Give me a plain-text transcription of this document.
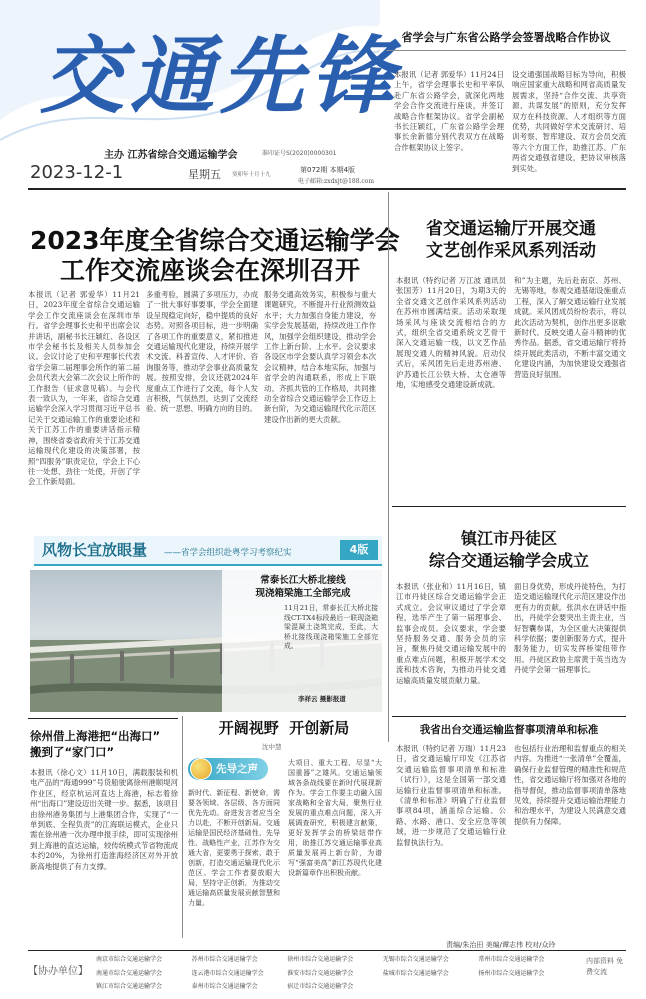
交通先锋
主办 江苏省综合交通运输学会	准印证号S(2020)0000301
2023-12-1	星期五 癸卯年十月十九
第072期 本期4版
电子邮箱:zxdxjt@188.com
省学会与广东省公路学会签署战略合作协议
本报讯（记者 郭爱华）11月24日上午，省学会理事长史和平率队赴广东省公路学会，就深化两地学会合作交流进行座谈，并签订战略合作框架协议。省学会副秘书长汪颖红，广东省公路学会理事长余新德分别代表双方在战略合作框架协议上签字。
设交通强国战略目标为导向，积极响应国家重大战略和网省高质量发展需求，坚持“合作交流、共享资源、共谋发展”的原则，充分发挥双方在科技资源、人才组织等方面优势，共同做好学术交流研讨、培训考察、智库建设、双方会员交流等六个方面工作，助推江苏、广东两省交通强省建设，把协议审核落到实处。
2023年度全省综合交通运输学会
工作交流座谈会在深圳召开
本报讯（记者 郭爱华）11月21日，2023年度全省综合交通运输学会工作交流座谈会在深圳市举行。省学会理事长史和平出席会议并讲话，副秘书长汪颖红、各设区市学会秘书长及相关人员参加会议。会议讨论了史和平理事长代表省学会第二届理事会所作的第二届会员代表大会第二次会议上所作的工作报告（征求意见稿）。与会代表一致认为，一年来，省综合交通运输学会深入学习贯彻习近平总书记关于交通运输工作的重要论述和关于江苏工作的重要讲话指示精神，围绕省委省政府关于江苏交通运输现代化建设的决策部署，按照“四服务”职责定位，学会上下心往一处想、劲往一处使，开创了学会工作新局面。
多重考验，圆满了多项压力，办成了一批大事好事要事，学会全面建设呈现稳定向好，稳中提质的良好态势。对照各项目标，进一步明确了各项工作的重要意义，紧扣推进交通运输现代化建设，持续开展学术交流、科普宣传、人才评价、咨询服务等，推动学会事业高质量发展。按照安排，会议还就2024年度重点工作进行了交流，每个人发言积极，气氛热烈，达到了交流经验、统一思想、明确方向的目的。
服务交通高效务实，积极参与重大课题研究，不断提升行业预测效益水平；大力加强自身能力建设，夯实学会发展基础，持续改进工作作风，加强学会组织建设，推动学会工作上新台阶、上水平。会议要求各设区市学会要认真学习领会本次会议精神，结合本地实际，加强与省学会的沟通联系，形成上下联动、齐抓共管的工作格局，共同推动全省综合交通运输学会工作迈上新台阶，为交通运输现代化示范区建设作出新的更大贡献。
省交通运输厅开展交通
文艺创作采风系列活动
本报讯（特约记者 万江波 通讯员 张国芳）11月20日，为期3天的全省交通文艺创作采风系列活动在苏州市圆满结束。活动采取现场采风与座谈交流相结合的方式，组织全省交通系统文艺骨干深入交通运输一线，以文艺作品展现交通人的精神风貌。启动仪式后，采风团先后走进苏州港、沪苏通长江公铁大桥、太仓港等地，实地感受交通建设新成就。
和”为主题，先后赴南京、苏州、无锡等地，参观交通基础设施重点工程，深入了解交通运输行业发展成就。采风团成员纷纷表示，将以此次活动为契机，创作出更多讴歌新时代、反映交通人奋斗精神的优秀作品。据悉，省交通运输厅将持续开展此类活动，不断丰富交通文化建设内涵，为加快建设交通强省营造良好氛围。
风物长宜放眼量 ——省学会组织赴粤学习考察纪实	4版
常泰长江大桥北接线
现浇箱梁施工全部完成
11月21日，常泰长江大桥北接线CT-TX4标段最后一联现浇箱梁混凝土浇筑完成，至此，大桥北接线现浇箱梁施工全部完成。
李祥云 摄影报道
徐州借上海港把“出海口”
搬到了“家门口”
本报讯（徐心文）11月10日，满载服装和机电产品的“海通999”号货船驶离徐州港顺堤河作业区，经京杭运河直达上海港，标志着徐州“出海口”建设迈出关键一步。据悉，该项目由徐州港务集团与上港集团合作，实现了“一单到底、全程负责”的江海联运模式，企业只需在徐州港一次办理申报手续，即可实现徐州到上海港的直达运输，较传统模式节省物流成本约20%，为徐州打造淮海经济区对外开放新高地提供了有力支撑。
开阔视野  开创新局
沈中慧
先导之声
新时代、新征程、新使命，需要各领域、各层级、各方面同优先先动。奋进发言者应当全力以赴，不断开创新局。交通运输是国民经济基础性、先导性、战略性产业，江苏作为交通大省，更要勇于探索、敢于创新，打造交通运输现代化示范区。学会工作者要放眼大局，坚持守正创新，为推动交通运输高质量发展贡献智慧和力量。
大项目、重大工程、尽显“大国重器”之雄风。交通运输领域各条战线要在新时代展现新作为。学会工作要主动融入国家战略和全省大局，聚焦行业发展的重点难点问题，深入开展调查研究，积极建言献策，更好发挥学会的桥梁纽带作用，助推江苏交通运输事业高质量发展再上新台阶，为谱写“强富美高”新江苏现代化建设新篇章作出积极贡献。
镇江市丹徒区
综合交通运输学会成立
本报讯（张业和）11月16日，镇江市丹徒区综合交通运输学会正式成立。会议审议通过了学会章程，选举产生了第一届理事会、监事会成员。会议要求，学会要坚持服务交通、服务会员的宗旨，聚焦丹徒交通运输发展中的重点难点问题，积极开展学术交流和技术咨询，为推动丹徒交通运输高质量发展贡献力量。
面日身优势，形成丹徒特色，为打造交通运输现代化示范区建设作出更有力的贡献。张洪水在讲话中指出，丹徒学会要突出主责主业，当好智囊参谋，为全区重大决策提供科学依据；要创新服务方式，提升服务能力，切实发挥桥梁纽带作用。丹徒区政协主席黄于英当选为丹徒学会第一届理事长。
我省出台交通运输监督事项清单和标准
本报讯（特约记者 万瑞）11月23日，省交通运输厅印发《江苏省交通运输监督事项清单和标准（试行）》，这是全国第一部交通运输行业监督事项清单和标准。《清单和标准》明确了行业监督事项84项，涵盖综合运输、公路、水路、港口、安全应急等领域，进一步规范了交通运输行业监督执法行为。
也包括行业治理和监督重点的相关内容。为推进“一张清单”全覆盖，确保行业监督管理的精准性和规范性，省交通运输厅将加强对各地的指导督促，推动监督事项清单落地见效，持续提升交通运输治理能力和治理水平，为建设人民满意交通提供有力保障。
责编/朱治田 美编/谭志伟 校对/众玲
【协办单位】
南京市综合交通运输学会	苏州市综合交通运输学会	徐州市综合交通运输学会	无锡市综合交通运输学会	常州市综合交通运输学会
南通市综合交通运输学会	连云港市综合交通运输学会	淮安市综合交通运输学会	盐城市综合交通运输学会	扬州市综合交通运输学会
镇江市综合交通运输学会	泰州市综合交通运输学会	宿迁市综合交通运输学会
内部资料 免费交流
